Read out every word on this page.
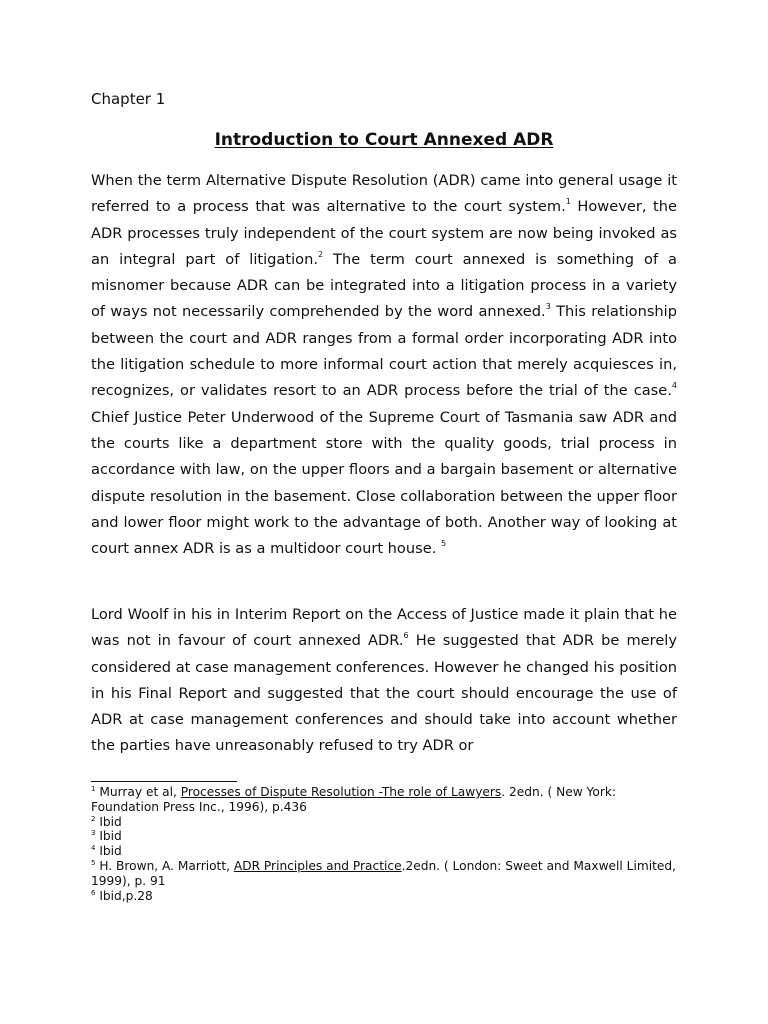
Chapter 1

Introduction to Court Annexed ADR

When the term Alternative Dispute Resolution (ADR) came into general usage it referred to a process that was alternative to the court system.$^1$ However, the ADR processes truly independent of the court system are now being invoked as an integral part of litigation.$^2$ The term court annexed is something of a misnomer because ADR can be integrated into a litigation process in a variety of ways not necessarily comprehended by the word annexed.$^3$ This relationship between the court and ADR ranges from a formal order incorporating ADR into the litigation schedule to more informal court action that merely acquiesces in, recognizes, or validates resort to an ADR process before the trial of the case.$^4$ Chief Justice Peter Underwood of the Supreme Court of Tasmania saw ADR and the courts like a department store with the quality goods, trial process in accordance with law, on the upper floors and a bargain basement or alternative dispute resolution in the basement. Close collaboration between the upper floor and lower floor might work to the advantage of both. Another way of looking at court annex ADR is as a multidoor court house. $^5$

Lord Woolf in his in Interim Report on the Access of Justice made it plain that he was not in favour of court annexed ADR.$^6$ He suggested that ADR be merely considered at case management conferences. However he changed his position in his Final Report and suggested that the court should encourage the use of ADR at case management conferences and should take into account whether the parties have unreasonably refused to try ADR or

$^1$ Murray et al, Processes of Dispute Resolution -The role of Lawyers. 2edn. ( New York: Foundation Press Inc., 1996), p.436

$^2$ Ibid

$^3$ Ibid

$^4$ Ibid

$^5$ H. Brown, A. Marriott, ADR Principles and Practice.2edn. ( London: Sweet and Maxwell Limited, 1999), p. 91

$^6$ Ibid,p.28
